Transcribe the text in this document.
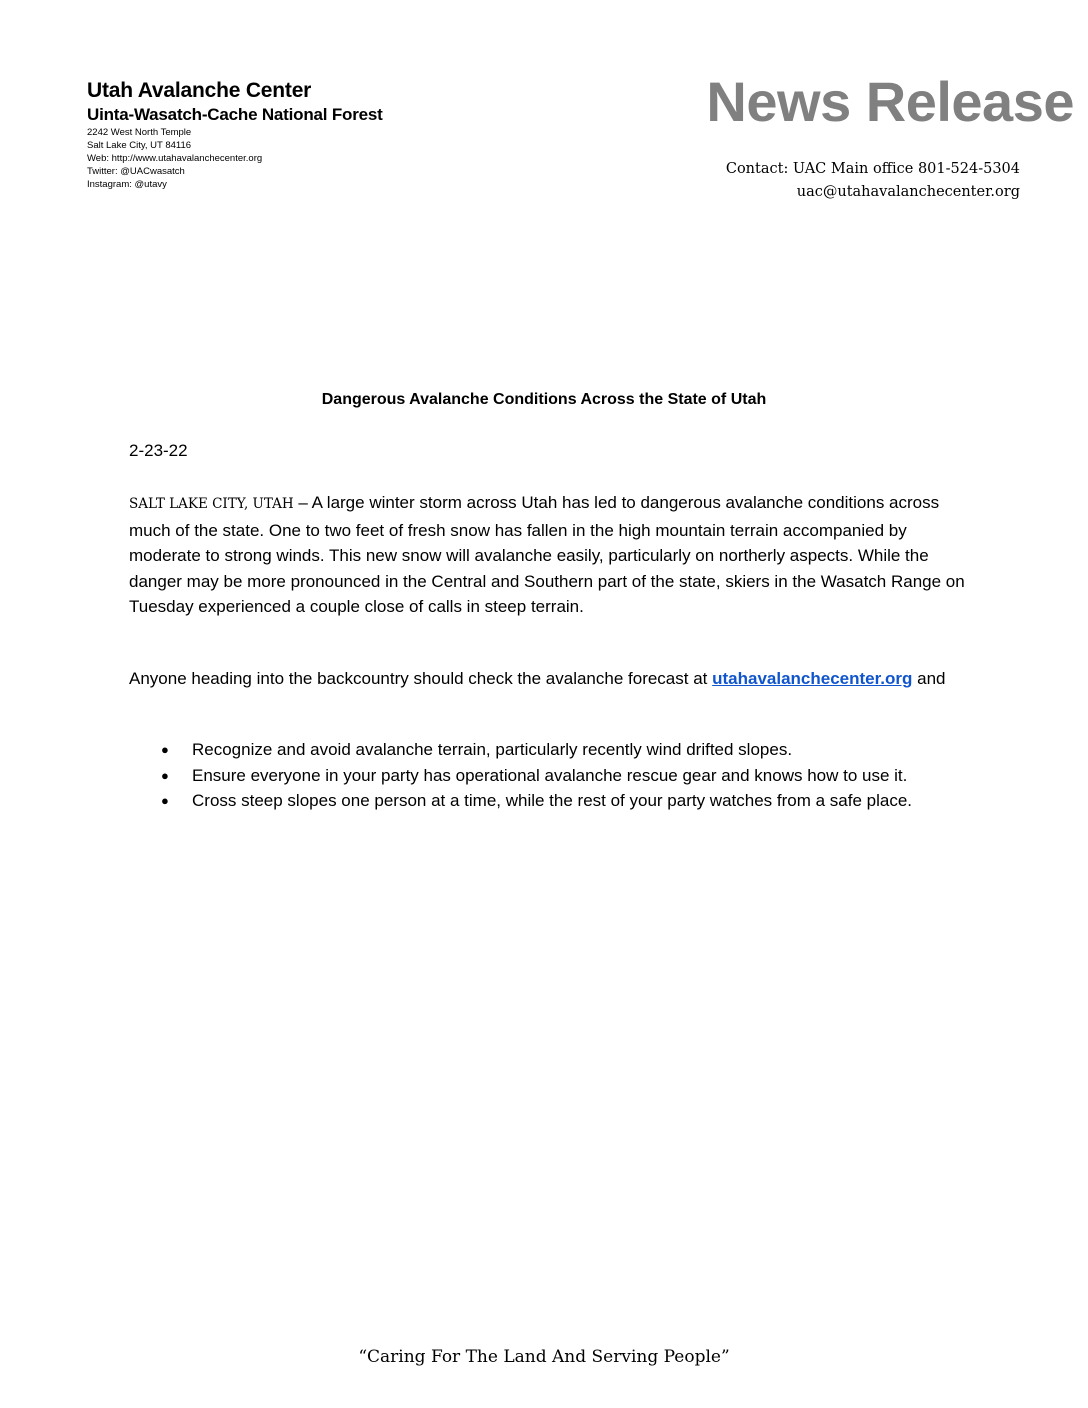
Utah Avalanche Center
Uinta-Wasatch-Cache National Forest
2242 West North Temple
Salt Lake City, UT 84116
Web: http://www.utahavalanchecenter.org
Twitter: @UACwasatch
Instagram: @utavy
News Release
Contact: UAC Main office 801-524-5304
uac@utahavalanchecenter.org
Dangerous Avalanche Conditions Across the State of Utah
2-23-22

SALT LAKE CITY, UTAH – A large winter storm across Utah has led to dangerous avalanche conditions across much of the state. One to two feet of fresh snow has fallen in the high mountain terrain accompanied by moderate to strong winds. This new snow will avalanche easily, particularly on northerly aspects. While the danger may be more pronounced in the Central and Southern part of the state, skiers in the Wasatch Range on Tuesday experienced a couple close of calls in steep terrain.

Anyone heading into the backcountry should check the avalanche forecast at utahavalanchecenter.org and

● Recognize and avoid avalanche terrain, particularly recently wind drifted slopes.
● Ensure everyone in your party has operational avalanche rescue gear and knows how to use it.
● Cross steep slopes one person at a time, while the rest of your party watches from a safe place.
“Caring For The Land And Serving People”
